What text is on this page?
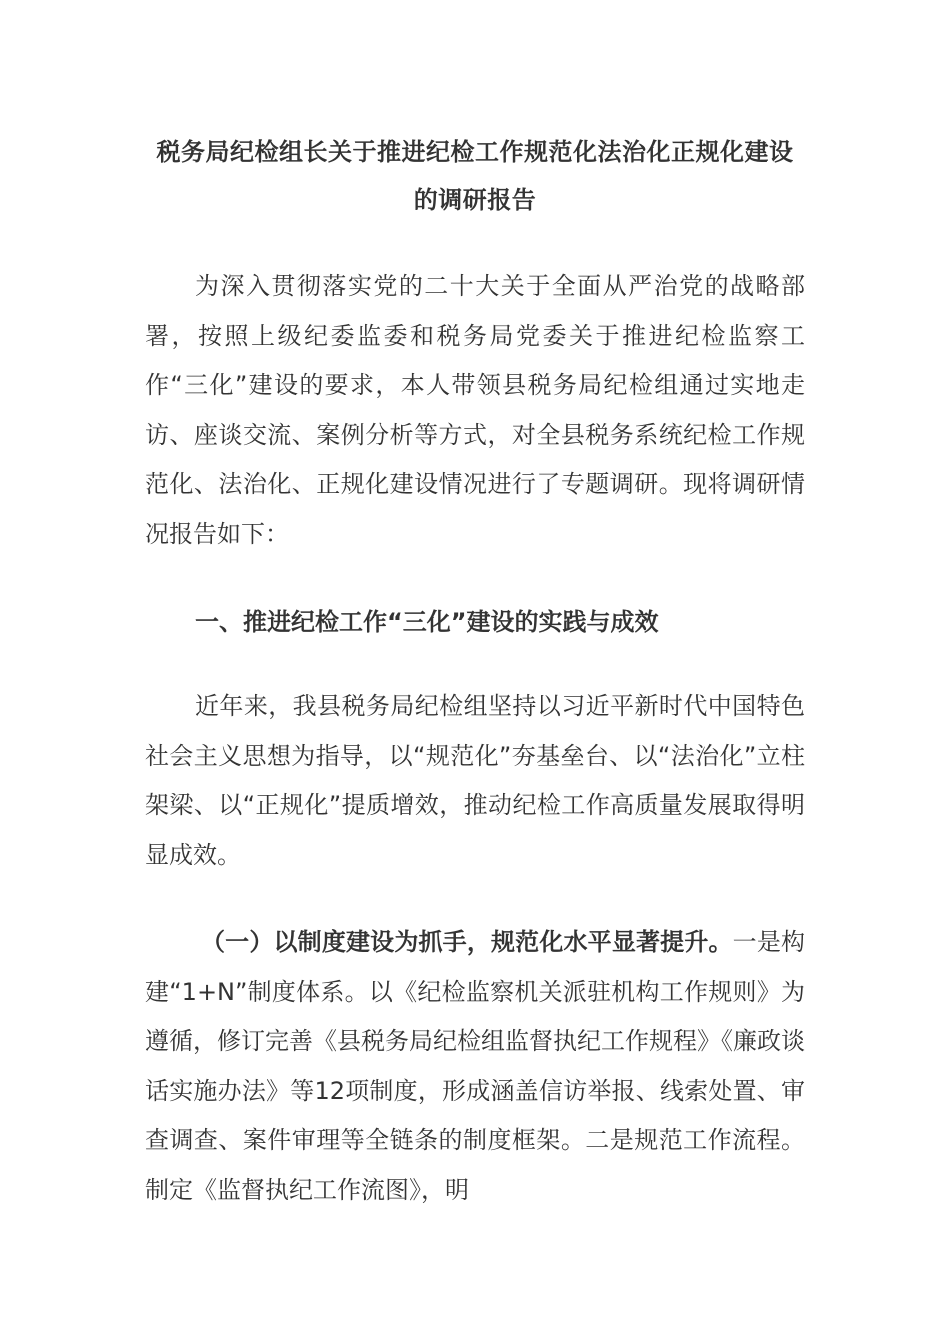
税务局纪检组长关于推进纪检工作规范化法治化正规化建设的调研报告

为深入贯彻落实党的二十大关于全面从严治党的战略部署，按照上级纪委监委和税务局党委关于推进纪检监察工作“三化”建设的要求，本人带领县税务局纪检组通过实地走访、座谈交流、案例分析等方式，对全县税务系统纪检工作规范化、法治化、正规化建设情况进行了专题调研。现将调研情况报告如下：

一、推进纪检工作“三化”建设的实践与成效

近年来，我县税务局纪检组坚持以习近平新时代中国特色社会主义思想为指导，以“规范化”夯基垒台、以“法治化”立柱架梁、以“正规化”提质增效，推动纪检工作高质量发展取得明显成效。

（一）以制度建设为抓手，规范化水平显著提升。一是构建“1+N”制度体系。以《纪检监察机关派驻机构工作规则》为遵循，修订完善《县税务局纪检组监督执纪工作规程》《廉政谈话实施办法》等12项制度，形成涵盖信访举报、线索处置、审查调查、案件审理等全链条的制度框架。二是规范工作流程。制定《监督执纪工作流图》，明
